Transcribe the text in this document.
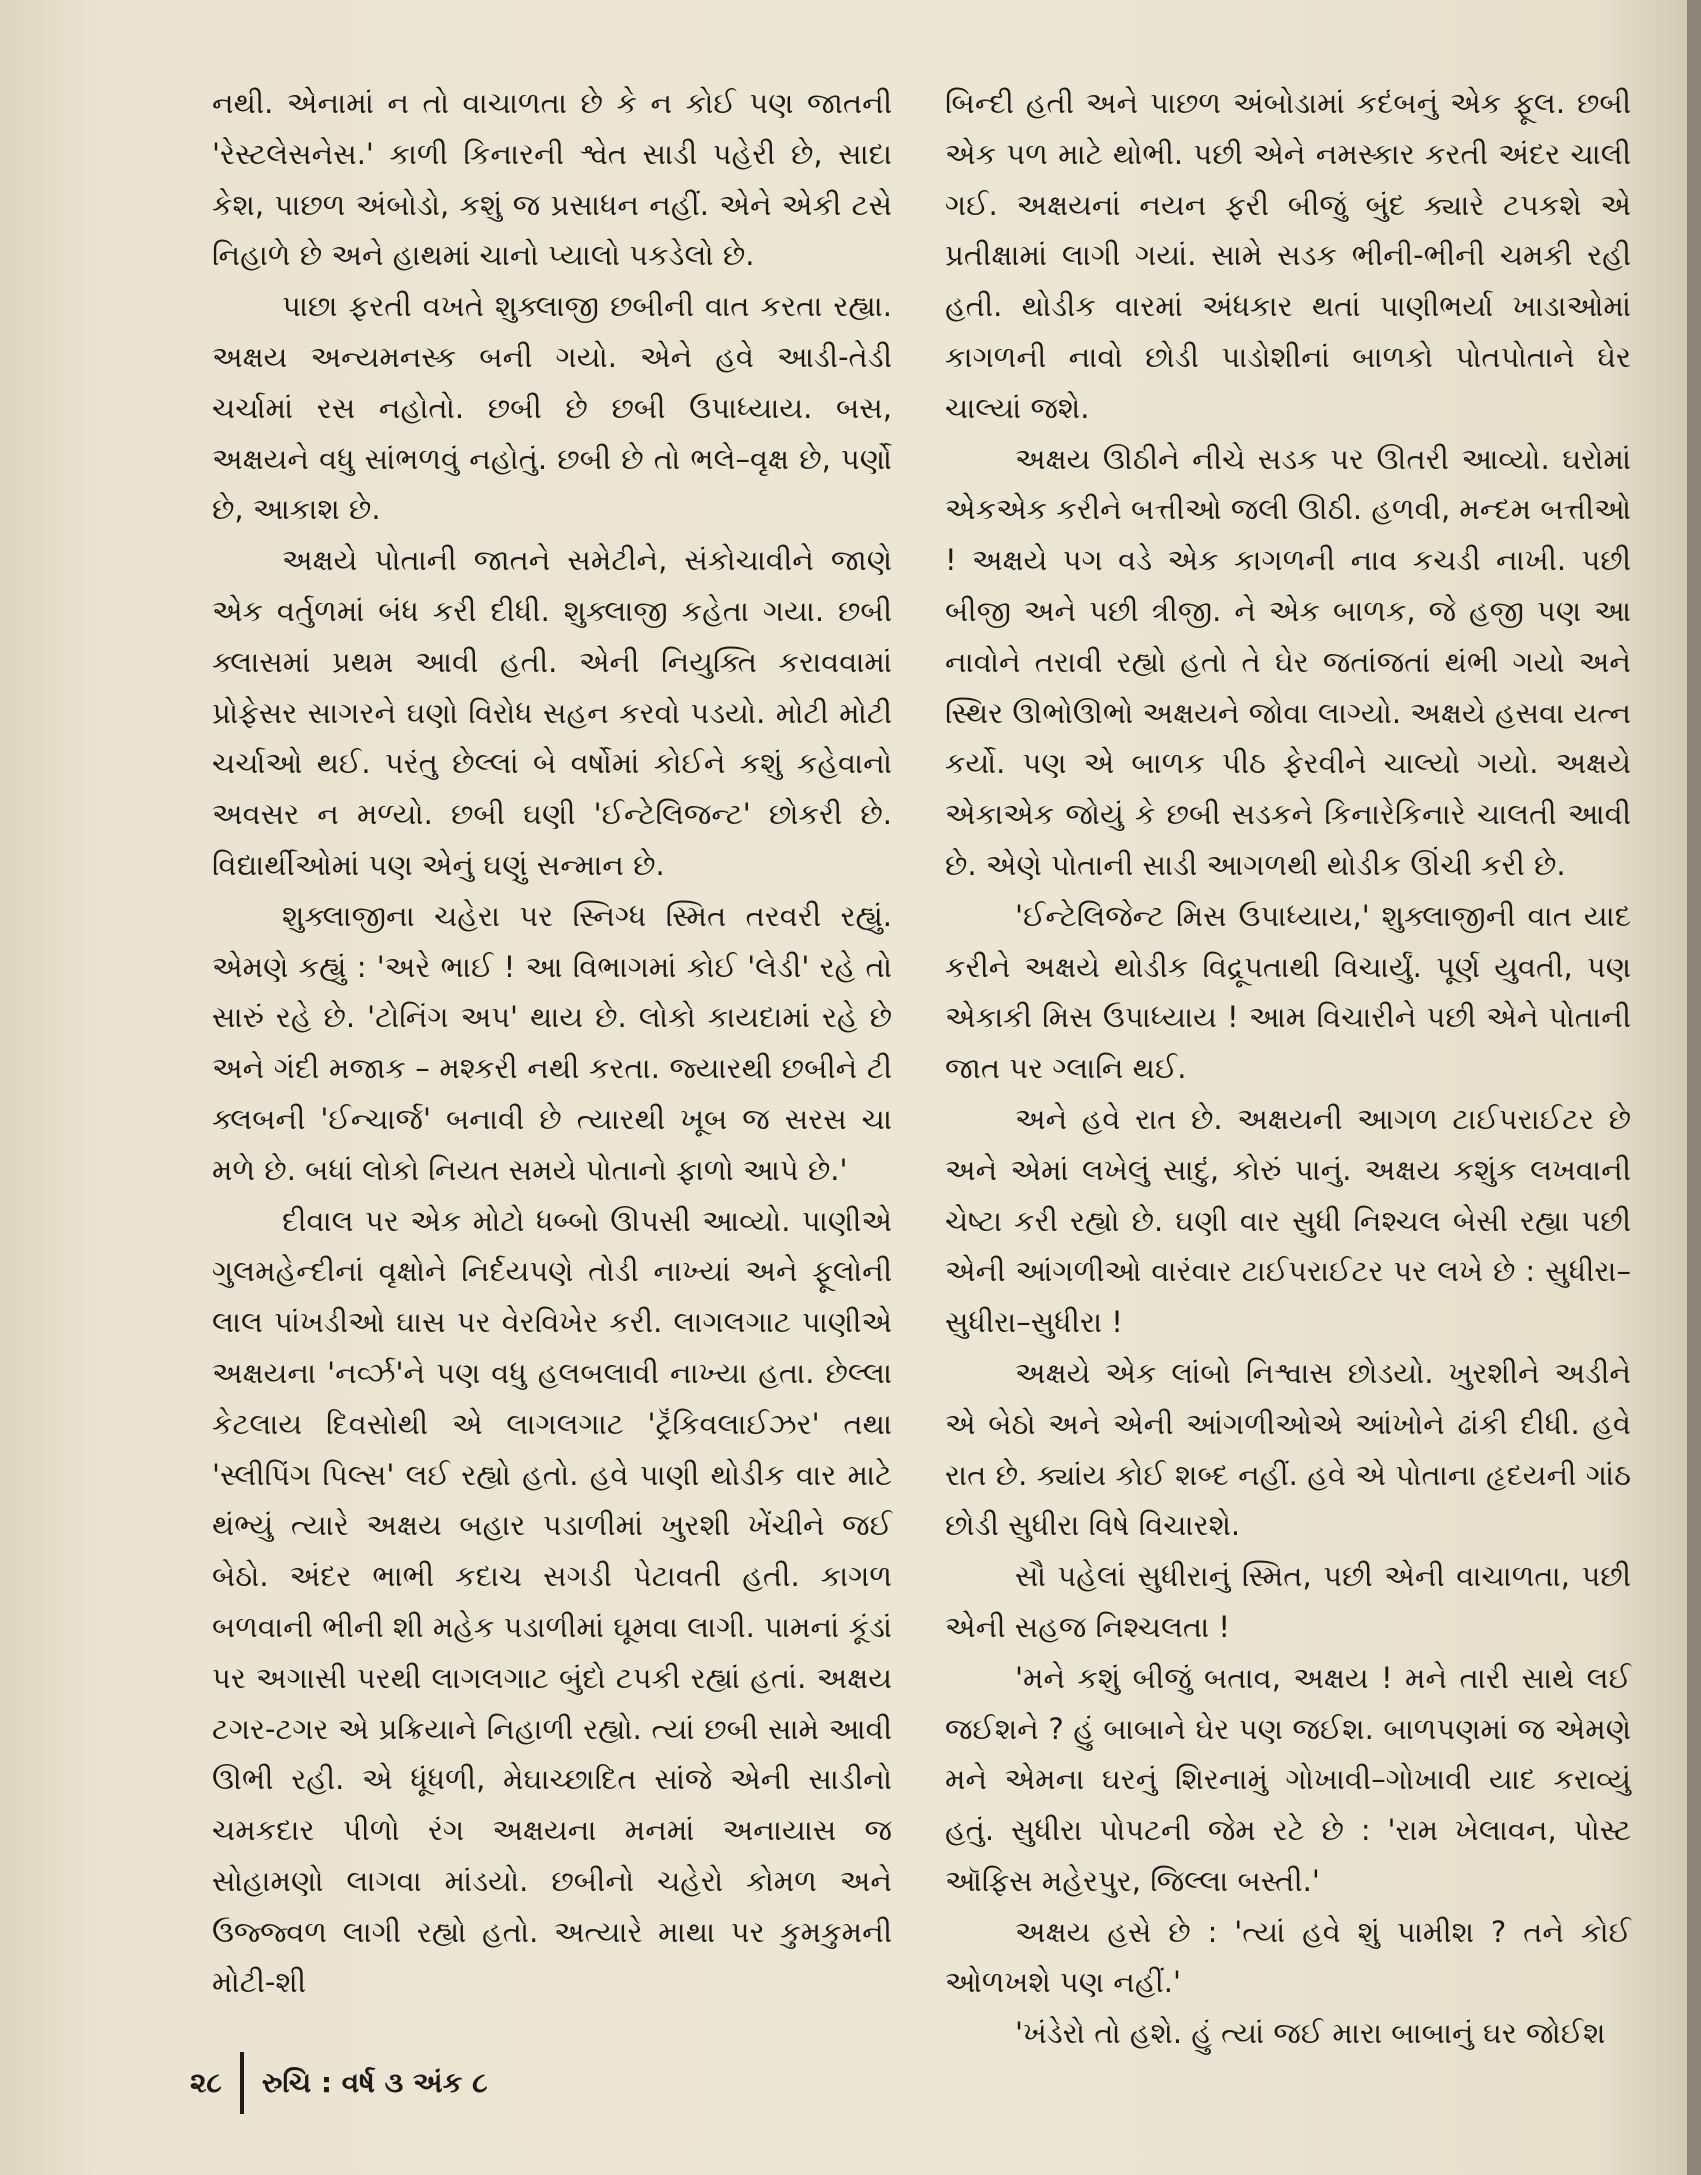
નથી. એનામાં ન તો વાચાળતા છે કે ન કોઈ પણ જાતની 'રેસ્ટલેસનેસ.' કાળી કિનારની શ્વેત સાડી પહેરી છે, સાદા કેશ, પાછળ અંબોડો, કશું જ પ્રસાધન નહીં. એને એકી ટસે નિહાળે છે અને હાથમાં ચાનો પ્યાલો પકડેલો છે.

પાછા ફરતી વખતે શુક્લાજી છબીની વાત કરતા રહ્યા. અક્ષય અન્યમનસ્ક બની ગયો. એને હવે આડી-તેડી ચર્ચામાં રસ નહોતો. છબી છે છબી ઉપાધ્યાય. બસ, અક્ષયને વધુ સાંભળવું નહોતું. છબી છે તો ભલે–વૃક્ષ છે, પર્ણો છે, આકાશ છે.

અક્ષયે પોતાની જાતને સમેટીને, સંકોચાવીને જાણે એક વર્તુળમાં બંધ કરી દીધી. શુક્લાજી કહેતા ગયા. છબી ક્લાસમાં પ્રથમ આવી હતી. એની નિયુક્તિ કરાવવામાં પ્રોફેસર સાગરને ઘણો વિરોધ સહન કરવો પડયો. મોટી મોટી ચર્ચાઓ થઈ. પરંતુ છેલ્લાં બે વર્ષોમાં કોઈને કશું કહેવાનો અવસર ન મળ્યો. છબી ઘણી 'ઈન્ટેલિજન્ટ' છોકરી છે. વિદ્યાર્થીઓમાં પણ એનું ઘણું સન્માન છે.

શુક્લાજીના ચહેરા પર સ્નિગ્ધ સ્મિત તરવરી રહ્યું. એમણે કહ્યું : 'અરે ભાઈ ! આ વિભાગમાં કોઈ 'લેડી' રહે તો સારું રહે છે. 'ટોનિંગ અપ' થાય છે. લોકો કાયદામાં રહે છે અને ગંદી મજાક – મશ્કરી નથી કરતા. જ્યારથી છબીને ટી ક્લબની 'ઈન્ચાર્જ' બનાવી છે ત્યારથી ખૂબ જ સરસ ચા મળે છે. બધાં લોકો નિયત સમયે પોતાનો ફાળો આપે છે.'

દીવાલ પર એક મોટો ધબ્બો ઊપસી આવ્યો. પાણીએ ગુલમહેન્દીનાં વૃક્ષોને નિર્દયપણે તોડી નાખ્યાં અને ફૂલોની લાલ પાંખડીઓ ઘાસ પર વેરવિખેર કરી. લાગલગાટ પાણીએ અક્ષયના 'નર્વ્ઝ'ને પણ વધુ હલબલાવી નાખ્યા હતા. છેલ્લા કેટલાય દિવસોથી એ લાગલગાટ 'ટ્રૅંકિવલાઈઝર' તથા 'સ્લીપિંગ પિલ્સ' લઈ રહ્યો હતો. હવે પાણી થોડીક વાર માટે થંભ્યું ત્યારે અક્ષય બહાર પડાળીમાં ખુરશી ખેંચીને જઈ બેઠો. અંદર ભાભી કદાચ સગડી પેટાવતી હતી. કાગળ બળવાની ભીની શી મહેક પડાળીમાં ઘૂમવા લાગી. પામનાં કૂંડાં પર અગાસી પરથી લાગલગાટ બુંદો ટપકી રહ્યાં હતાં. અક્ષય ટગર-ટગર એ પ્રક્રિયાને નિહાળી રહ્યો. ત્યાં છબી સામે આવી ઊભી રહી. એ ધૂંધળી, મેઘાચ્છાદિત સાંજે એની સાડીનો ચમકદાર પીળો રંગ અક્ષયના મનમાં અનાયાસ જ સોહામણો લાગવા માંડયો. છબીનો ચહેરો કોમળ અને ઉજ્જ્વળ લાગી રહ્યો હતો. અત્યારે માથા પર કુમકુમની મોટી-શી

બિન્દી હતી અને પાછળ અંબોડામાં કદંબનું એક ફૂલ. છબી એક પળ માટે થોભી. પછી એને નમસ્કાર કરતી અંદર ચાલી ગઈ. અક્ષયનાં નયન ફરી બીજું બુંદ ક્યારે ટપકશે એ પ્રતીક્ષામાં લાગી ગયાં. સામે સડક ભીની-ભીની ચમકી રહી હતી. થોડીક વારમાં અંધકાર થતાં પાણીભર્યા ખાડાઓમાં કાગળની નાવો છોડી પાડોશીનાં બાળકો પોતપોતાને ઘેર ચાલ્યાં જશે.

અક્ષય ઊઠીને નીચે સડક પર ઊતરી આવ્યો. ઘરોમાં એકએક કરીને બત્તીઓ જલી ઊઠી. હળવી, મન્દમ બત્તીઓ ! અક્ષયે પગ વડે એક કાગળની નાવ કચડી નાખી. પછી બીજી અને પછી ત્રીજી. ને એક બાળક, જે હજી પણ આ નાવોને તરાવી રહ્યો હતો તે ઘેર જતાંજતાં થંભી ગયો અને સ્થિર ઊભોઊભો અક્ષયને જોવા લાગ્યો. અક્ષયે હસવા યત્ન કર્યો. પણ એ બાળક પીઠ ફેરવીને ચાલ્યો ગયો. અક્ષયે એકાએક જોયું કે છબી સડકને કિનારેકિનારે ચાલતી આવી છે. એણે પોતાની સાડી આગળથી થોડીક ઊંચી કરી છે.

'ઈન્ટેલિજેન્ટ મિસ ઉપાધ્યાય,' શુક્લાજીની વાત યાદ કરીને અક્ષયે થોડીક વિદ્રૂપતાથી વિચાર્યું. પૂર્ણ યુવતી, પણ એકાકી મિસ ઉપાધ્યાય ! આમ વિચારીને પછી એને પોતાની જાત પર ગ્લાનિ થઈ.

અને હવે રાત છે. અક્ષયની આગળ ટાઈપરાઈટર છે અને એમાં લખેલું સાદું, કોરું પાનું. અક્ષય કશુંક લખવાની ચેષ્ટા કરી રહ્યો છે. ઘણી વાર સુધી નિશ્ચલ બેસી રહ્યા પછી એની આંગળીઓ વારંવાર ટાઈપરાઈટર પર લખે છે : સુધીરા–સુધીરા–સુધીરા !

અક્ષયે એક લાંબો નિશ્વાસ છોડયો. ખુરશીને અડીને એ બેઠો અને એની આંગળીઓએ આંખોને ઢાંકી દીધી. હવે રાત છે. ક્યાંય કોઈ શબ્દ નહીં. હવે એ પોતાના હૃદયની ગાંઠ છોડી સુધીરા વિષે વિચારશે.

સૌ પહેલાં સુધીરાનું સ્મિત, પછી એની વાચાળતા, પછી એની સહજ નિશ્ચલતા !

'મને કશું બીજું બતાવ, અક્ષય ! મને તારી સાથે લઈ જઈશને ? હું બાબાને ઘેર પણ જઈશ. બાળપણમાં જ એમણે મને એમના ઘરનું શિરનામું ગોખાવી–ગોખાવી યાદ કરાવ્યું હતું. સુધીરા પોપટની જેમ રટે છે : 'રામ ખેલાવન, પોસ્ટ ઑફિસ મહેરપુર, જિલ્લા બસ્તી.'

અક્ષય હસે છે : 'ત્યાં હવે શું પામીશ ? તને કોઈ ઓળખશે પણ નહીં.'

'ખંડેરો તો હશે. હું ત્યાં જઈ મારા બાબાનું ઘર જોઈશ

૨૮ રુચિ : વર્ષ ૩ અંક ૮
